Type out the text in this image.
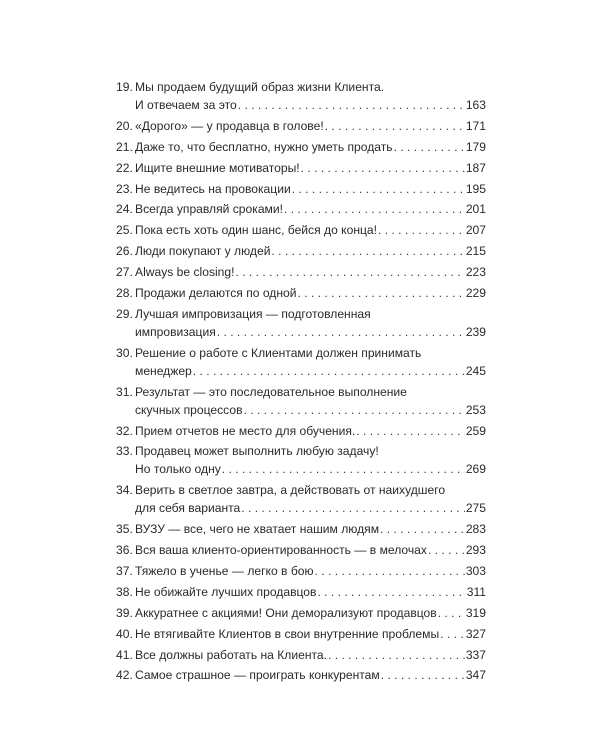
19. Мы продаем будущий образ жизни Клиента.
И отвечаем за это . . .	163
20. «Дорого» — у продавца в голове! . . .	171
21. Даже то, что бесплатно, нужно уметь продать . . .	179
22. Ищите внешние мотиваторы! . . .	187
23. Не ведитесь на провокации . . .	195
24. Всегда управляй сроками! . . .	201
25. Пока есть хоть один шанс, бейся до конца! . . .	207
26. Люди покупают у людей . . .	215
27. Always be closing! . . .	223
28. Продажи делаются по одной . . .	229
29. Лучшая импровизация — подготовленная
импровизация . . .	239
30. Решение о работе с Клиентами должен принимать
менеджер . . .	245
31. Результат — это последовательное выполнение
скучных процессов . . .	253
32. Прием отчетов не место для обучения. . . .	259
33. Продавец может выполнить любую задачу!
Но только одну . . .	269
34. Верить в светлое завтра, а действовать от наихудшего
для себя варианта . . .	275
35. ВУЗУ — все, чего не хватает нашим людям . . .	283
36. Вся ваша клиенто-ориентированность — в мелочах . . .	293
37. Тяжело в ученье — легко в бою . . .	303
38. Не обижайте лучших продавцов . . .	311
39. Аккуратнее с акциями! Они деморализуют продавцов . . . 319
40. Не втягивайте Клиентов в свои внутренние проблемы . . . 327
41. Все должны работать на Клиента. . . .	337
42. Самое страшное — проиграть конкурентам . . .	347
